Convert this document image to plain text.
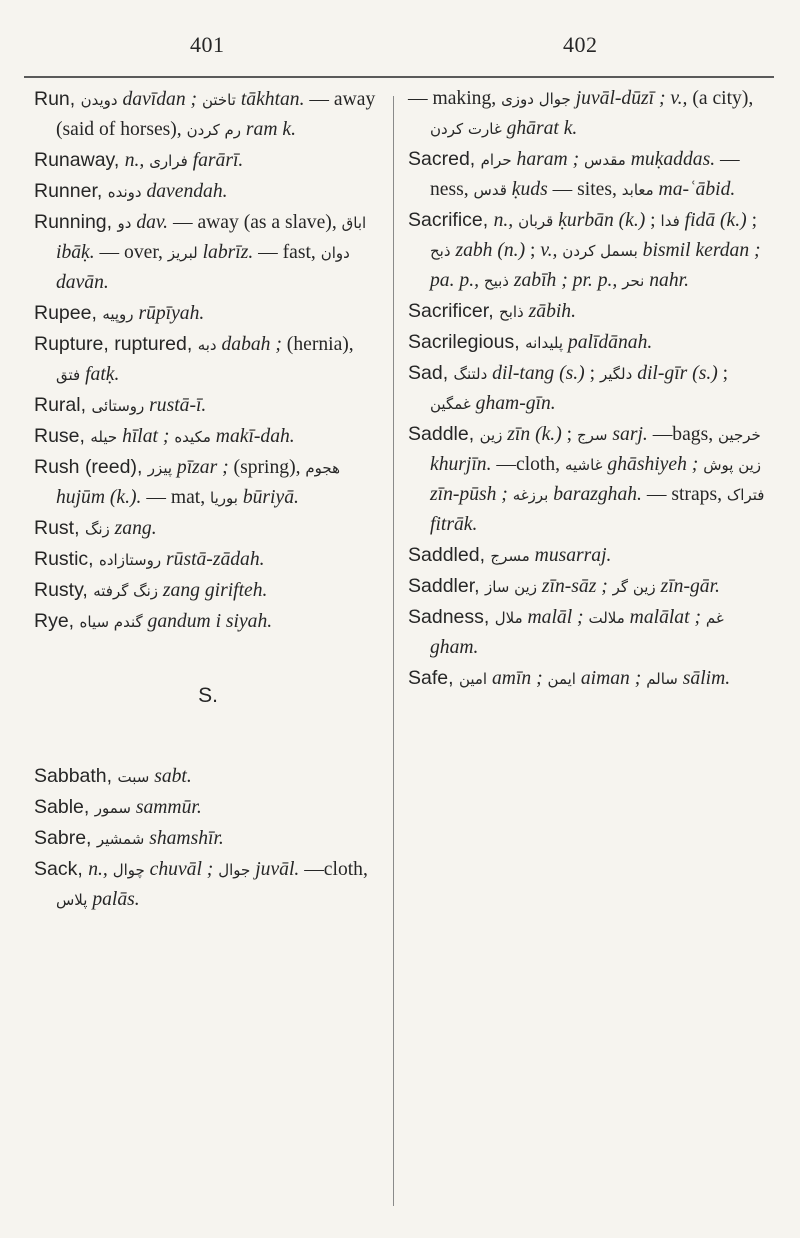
401	402

Run, دویدن davīdan ; تاختن tākhtan. — away (said of horses), رم کردن ram k.

Runaway, n., فراری farārī.

Runner, دونده davendah.

Running, دو dav. — away (as a slave), اباق ibāḳ. — over, لبریز labrīz. — fast, دوان davān.

Rupee, روپیه rūpīyah.

Rupture, ruptured, دبه dabah ; (hernia), فتق fatḳ.

Rural, روستائی rustā-ī.

Ruse, حیله hīlat ; مکیده makī-dah.

Rush (reed), پیزر pīzar ; (spring), هجوم hujūm (k.). — mat, بوریا būriyā.

Rust, زنگ zang.

Rustic, روستازاده rūstā-zādah.

Rusty, زنگ گرفته zang girifteh.

Rye, گندم سیاه gandum i siyah.

S.

Sabbath, سبت sabt.

Sable, سمور sammūr.

Sabre, شمشیر shamshīr.

Sack, n., چوال chuvāl ; جوال juvāl. —cloth, پلاس palās.

— making, جوال دوزی juvāl-dūzī ; v., (a city), غارت کردن ghārat k.

Sacred, حرام haram ; مقدس muḳaddas. —ness, قدس ḳuds — sites, معابد ma-ʿābid.

Sacrifice, n., قربان ḳurbān (k.) ; فدا fidā (k.) ; ذبح zabh (n.) ; v., بسمل کردن bismil kerdan ; pa. p., ذبیح zabīh ; pr. p., نحر nahr.

Sacrificer, ذابح zābih.

Sacrilegious, پلیدانه palīdānah.

Sad, دلتنگ dil-tang (s.) ; دلگیر dil-gīr (s.) ; غمگین gham-gīn.

Saddle, زین zīn (k.) ; سرج sarj. —bags, خرجین khurjīn. —cloth, غاشیه ghāshiyeh ; زین پوش zīn-pūsh ; برزغه barazghah. — straps, فتراک fitrāk.

Saddled, مسرج musarraj.

Saddler, زین ساز zīn-sāz ; زین گر zīn-gār.

Sadness, ملال malāl ; ملالت malālat ; غم gham.

Safe, امین amīn ; ایمن aiman ; سالم sālim.
